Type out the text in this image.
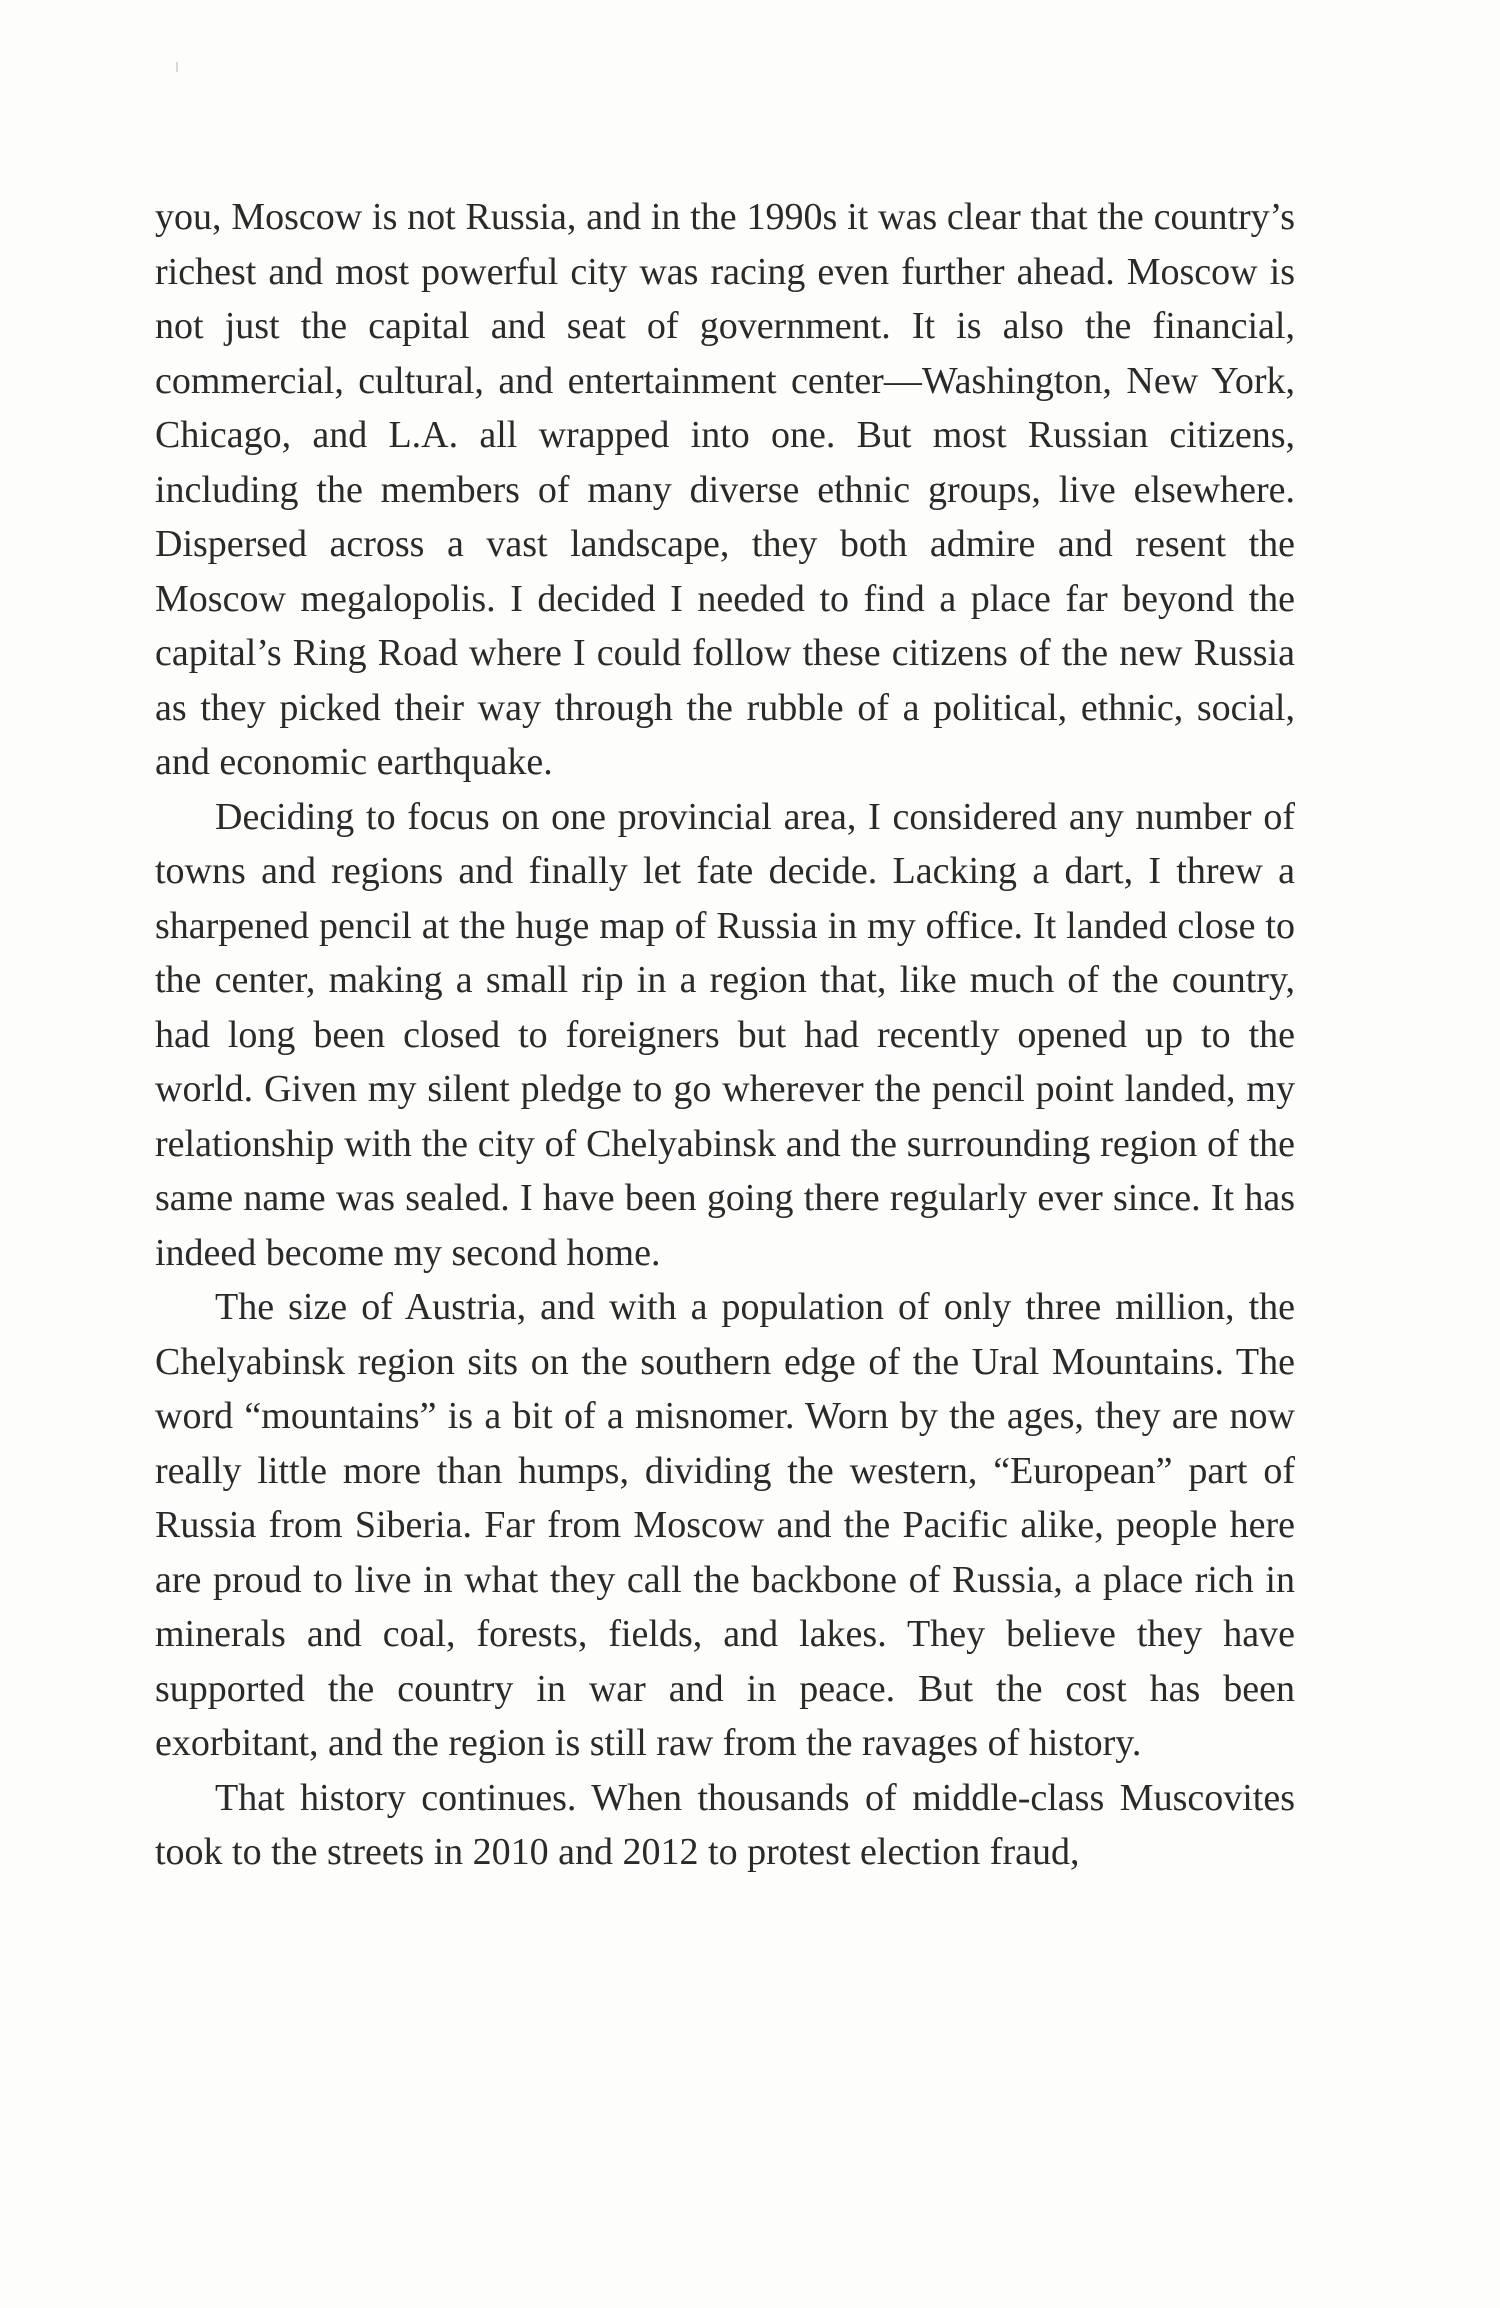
you, Moscow is not Russia, and in the 1990s it was clear that the country’s richest and most powerful city was racing even further ahead. Moscow is not just the capital and seat of government. It is also the financial, commercial, cultural, and entertainment center—Washington, New York, Chicago, and L.A. all wrapped into one. But most Russian citizens, including the members of many diverse ethnic groups, live elsewhere. Dispersed across a vast landscape, they both admire and resent the Moscow megalopolis. I decided I needed to find a place far beyond the capital’s Ring Road where I could follow these citizens of the new Russia as they picked their way through the rubble of a political, ethnic, social, and economic earthquake.

Deciding to focus on one provincial area, I considered any number of towns and regions and finally let fate decide. Lacking a dart, I threw a sharpened pencil at the huge map of Russia in my office. It landed close to the center, making a small rip in a region that, like much of the country, had long been closed to foreigners but had recently opened up to the world. Given my silent pledge to go wherever the pencil point landed, my relationship with the city of Chelyabinsk and the surrounding region of the same name was sealed. I have been going there regularly ever since. It has indeed become my second home.

The size of Austria, and with a population of only three million, the Chelyabinsk region sits on the southern edge of the Ural Mountains. The word “mountains” is a bit of a misnomer. Worn by the ages, they are now really little more than humps, dividing the western, “European” part of Russia from Siberia. Far from Moscow and the Pacific alike, people here are proud to live in what they call the backbone of Russia, a place rich in minerals and coal, forests, fields, and lakes. They believe they have supported the country in war and in peace. But the cost has been exorbitant, and the region is still raw from the ravages of history.

That history continues. When thousands of middle-class Muscovites took to the streets in 2010 and 2012 to protest election fraud,
